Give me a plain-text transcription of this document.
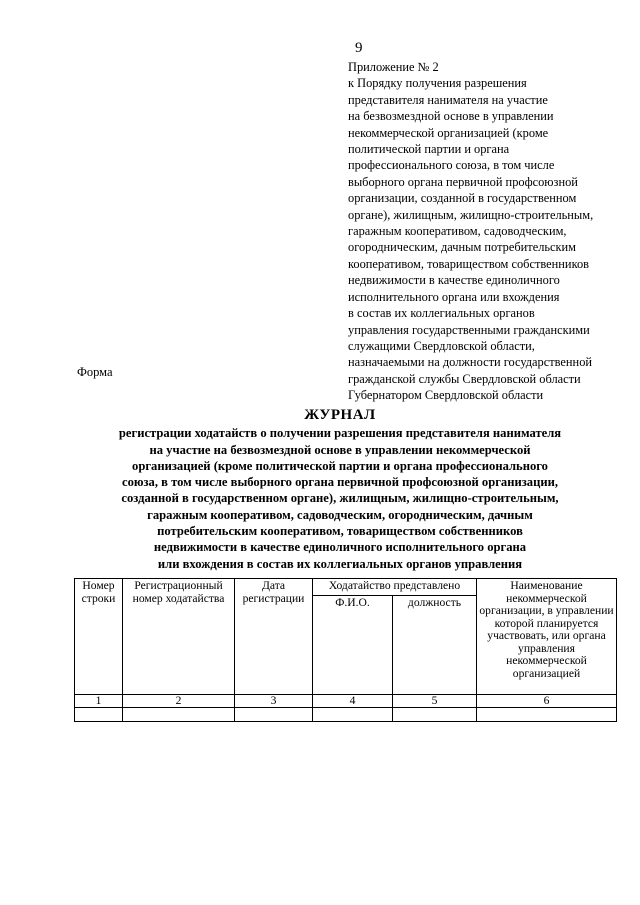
9
Приложение № 2
к Порядку получения разрешения
представителя нанимателя на участие
на безвозмездной основе в управлении
некоммерческой организацией (кроме
политической партии и органа
профессионального союза, в том числе
выборного органа первичной профсоюзной
организации, созданной в государственном
органе), жилищным, жилищно-строительным,
гаражным кооперативом, садоводческим,
огородническим, дачным потребительским
кооперативом, товариществом собственников
недвижимости в качестве единоличного
исполнительного органа или вхождения
в состав их коллегиальных органов
управления государственными гражданскими
служащими Свердловской области,
назначаемыми на должности государственной
гражданской службы Свердловской области
Губернатором Свердловской области
Форма
ЖУРНАЛ
регистрации ходатайств о получении разрешения представителя нанимателя
на участие на безвозмездной основе в управлении некоммерческой
организацией (кроме политической партии и органа профессионального
союза, в том числе выборного органа первичной профсоюзной организации,
созданной в государственном органе), жилищным, жилищно-строительным,
гаражным кооперативом, садоводческим, огородническим, дачным
потребительским кооперативом, товариществом собственников
недвижимости в качестве единоличного исполнительного органа
или вхождения в состав их коллегиальных органов управления
Номер строки	Регистрационный номер ходатайства	Дата регистрации	Ходатайство представлено		Наименование некоммерческой организации, в управлении которой планируется участвовать, или органа управления некоммерческой организацией
			Ф.И.О.	должность	
1	2	3	4	5	6
